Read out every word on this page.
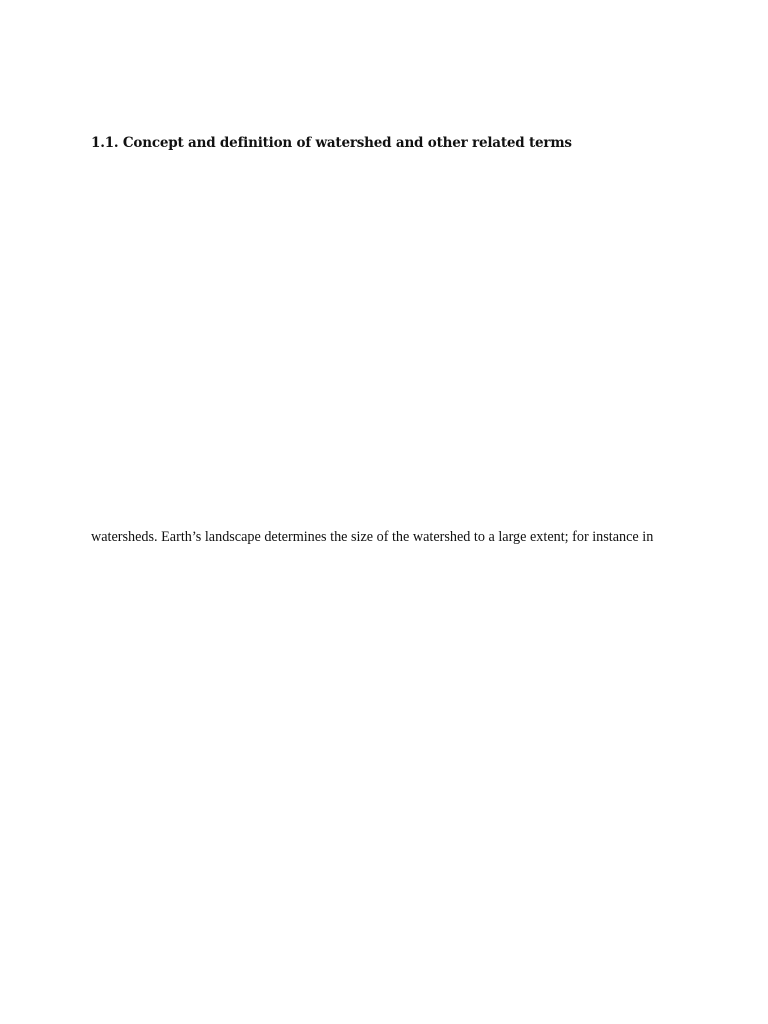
1.1. Concept and definition of watershed and other related terms

watersheds. Earth’s landscape determines the size of the watershed to a large extent; for instance in
